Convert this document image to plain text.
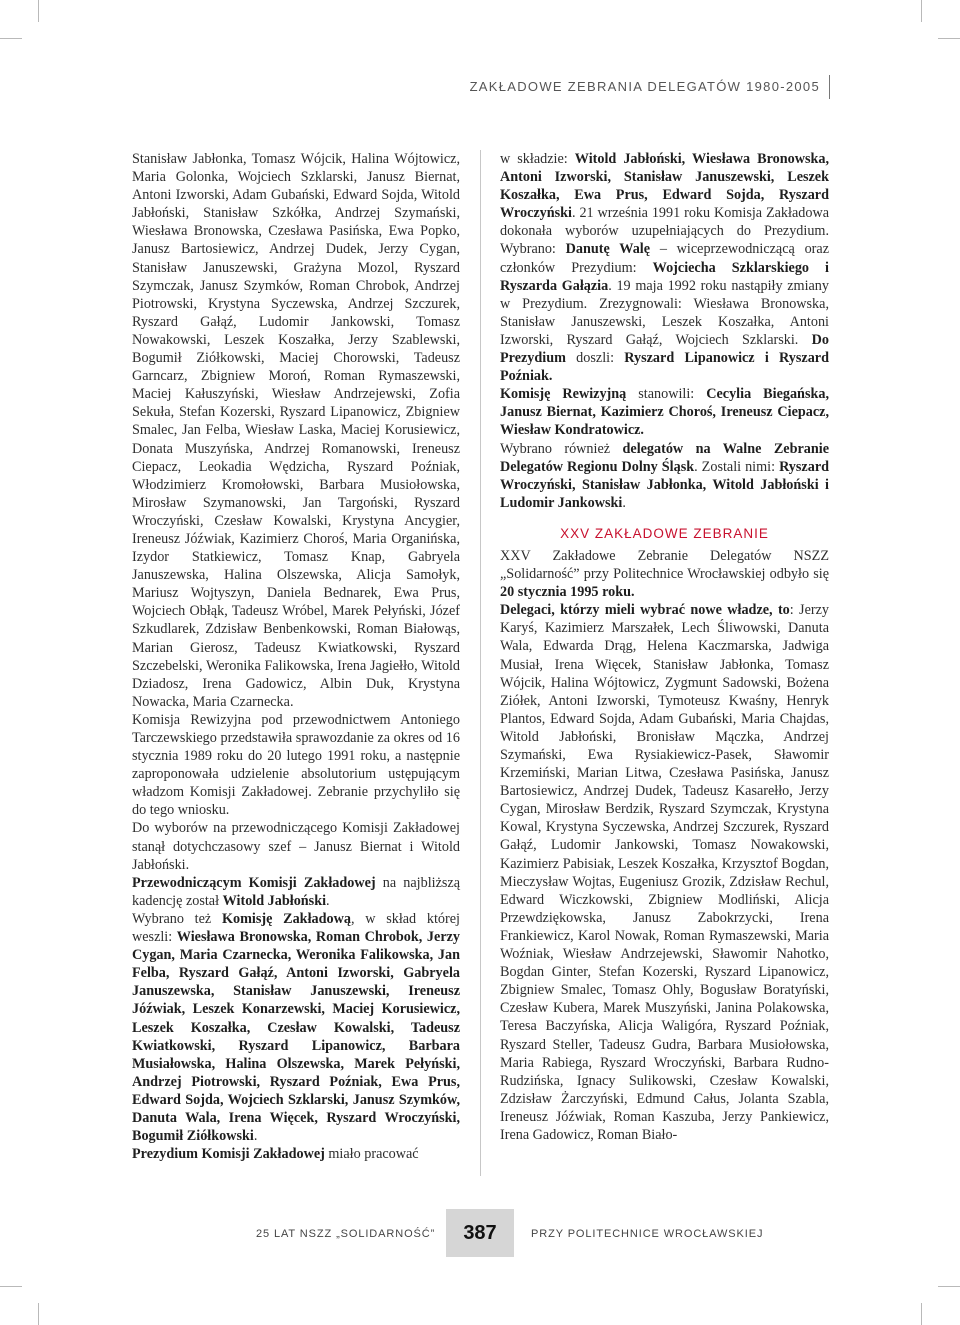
ZAKŁADOWE ZEBRANIA DELEGATÓW 1980-2005

Stanisław Jabłonka, Tomasz Wójcik, Halina Wójtowicz, Maria Golonka, Wojciech Szklarski, Janusz Biernat, Antoni Izworski, Adam Gubański, Edward Sojda, Witold Jabłoński, Stanisław Szkółka, Andrzej Szymański, Wiesława Bronowska, Czesława Pasińska, Ewa Popko, Janusz Bartosiewicz, Andrzej Dudek, Jerzy Cygan, Stanisław Januszewski, Grażyna Mozol, Ryszard Szymczak, Janusz Szymków, Roman Chrobok, Andrzej Piotrowski, Krystyna Syczewska, Andrzej Szczurek, Ryszard Gałąź, Ludomir Jankowski, Tomasz Nowakowski, Leszek Koszałka, Jerzy Szablewski, Bogumił Ziółkowski, Maciej Chorowski, Tadeusz Garncarz, Zbigniew Moroń, Roman Rymaszewski, Maciej Kałuszyński, Wiesław Andrzejewski, Zofia Sekuła, Stefan Kozerski, Ryszard Lipanowicz, Zbigniew Smalec, Jan Felba, Wiesław Laska, Maciej Korusiewicz, Donata Muszyńska, Andrzej Romanowski, Ireneusz Ciepacz, Leokadia Wędzicha, Ryszard Poźniak, Włodzimierz Kromołowski, Barbara Musiołowska, Mirosław Szymanowski, Jan Targoński, Ryszard Wroczyński, Czesław Kowalski, Krystyna Ancygier, Ireneusz Jóźwiak, Kazimierz Choroś, Maria Organińska, Izydor Statkiewicz, Tomasz Knap, Gabryela Januszewska, Halina Olszewska, Alicja Samołyk, Mariusz Wojtyszyn, Daniela Bednarek, Ewa Prus, Wojciech Obłąk, Tadeusz Wróbel, Marek Pełyński, Józef Szkudlarek, Zdzisław Benbenkowski, Roman Białowąs, Marian Gierosz, Tadeusz Kwiatkowski, Ryszard Szczebelski, Weronika Falikowska, Irena Jagiełło, Witold Dziadosz, Irena Gadowicz, Albin Duk, Krystyna Nowacka, Maria Czarnecka.

Komisja Rewizyjna pod przewodnictwem Antoniego Tarczewskiego przedstawiła sprawozdanie za okres od 16 stycznia 1989 roku do 20 lutego 1991 roku, a następnie zaproponowała udzielenie absolutorium ustępującym władzom Komisji Zakładowej. Zebranie przychyliło się do tego wniosku.

Do wyborów na przewodniczącego Komisji Zakładowej stanął dotychczasowy szef – Janusz Biernat i Witold Jabłoński.

Przewodniczącym Komisji Zakładowej na najbliższą kadencję został Witold Jabłoński.

Wybrano też Komisję Zakładową, w skład której weszli: Wiesława Bronowska, Roman Chrobok, Jerzy Cygan, Maria Czarnecka, Weronika Falikowska, Jan Felba, Ryszard Gałąź, Antoni Izworski, Gabryela Januszewska, Stanisław Januszewski, Ireneusz Jóźwiak, Leszek Konarzewski, Maciej Korusiewicz, Leszek Koszałka, Czesław Kowalski, Tadeusz Kwiatkowski, Ryszard Lipanowicz, Barbara Musiałowska, Halina Olszewska, Marek Pełyński, Andrzej Piotrowski, Ryszard Poźniak, Ewa Prus, Edward Sojda, Wojciech Szklarski, Janusz Szymków, Danuta Wala, Irena Więcek, Ryszard Wroczyński, Bogumił Ziółkowski.

Prezydium Komisji Zakładowej miało pracować

w składzie: Witold Jabłoński, Wiesława Bronowska, Antoni Izworski, Stanisław Januszewski, Leszek Koszałka, Ewa Prus, Edward Sojda, Ryszard Wroczyński. 21 września 1991 roku Komisja Zakładowa dokonała wyborów uzupełniających do Prezydium. Wybrano: Danutę Walę – wiceprzewodniczącą oraz członków Prezydium: Wojciecha Szklarskiego i Ryszarda Gałązia. 19 maja 1992 roku nastąpiły zmiany w Prezydium. Zrezygnowali: Wiesława Bronowska, Stanisław Januszewski, Leszek Koszałka, Antoni Izworski, Ryszard Gałąź, Wojciech Szklarski. Do Prezydium doszli: Ryszard Lipanowicz i Ryszard Poźniak.

Komisję Rewizyjną stanowili: Cecylia Biegańska, Janusz Biernat, Kazimierz Choroś, Ireneusz Ciepacz, Wiesław Kondratowicz.

Wybrano również delegatów na Walne Zebranie Delegatów Regionu Dolny Śląsk. Zostali nimi: Ryszard Wroczyński, Stanisław Jabłonka, Witold Jabłoński i Ludomir Jankowski.

XXV ZAKŁADOWE ZEBRANIE

XXV Zakładowe Zebranie Delegatów NSZZ „Solidarność” przy Politechnice Wrocławskiej odbyło się 20 stycznia 1995 roku.

Delegaci, którzy mieli wybrać nowe władze, to: Jerzy Karyś, Kazimierz Marszałek, Lech Śliwowski, Danuta Wala, Edwarda Drąg, Helena Kaczmarska, Jadwiga Musiał, Irena Więcek, Stanisław Jabłonka, Tomasz Wójcik, Halina Wójtowicz, Zygmunt Sadowski, Bożena Ziółek, Antoni Izworski, Tymoteusz Kwaśny, Henryk Plantos, Edward Sojda, Adam Gubański, Maria Chajdas, Witold Jabłoński, Bronisław Mączka, Andrzej Szymański, Ewa Rysiakiewicz-Pasek, Sławomir Krzemiński, Marian Litwa, Czesława Pasińska, Janusz Bartosiewicz, Andrzej Dudek, Tadeusz Kasarełło, Jerzy Cygan, Mirosław Berdzik, Ryszard Szymczak, Krystyna Kowal, Krystyna Syczewska, Andrzej Szczurek, Ryszard Gałąź, Ludomir Jankowski, Tomasz Nowakowski, Kazimierz Pabisiak, Leszek Koszałka, Krzysztof Bogdan, Mieczysław Wojtas, Eugeniusz Grozik, Zdzisław Rechul, Edward Wiczkowski, Zbigniew Modliński, Alicja Przewdziękowska, Janusz Zabokrzycki, Irena Frankiewicz, Karol Nowak, Roman Rymaszewski, Maria Woźniak, Wiesław Andrzejewski, Sławomir Nahotko, Bogdan Ginter, Stefan Kozerski, Ryszard Lipanowicz, Zbigniew Smalec, Tomasz Ohly, Bogusław Boratyński, Czesław Kubera, Marek Muszyński, Janina Polakowska, Teresa Baczyńska, Alicja Waligóra, Ryszard Poźniak, Ryszard Steller, Tadeusz Gudra, Barbara Musiołowska, Maria Rabiega, Ryszard Wroczyński, Barbara Rudno-Rudzińska, Ignacy Sulikowski, Czesław Kowalski, Zdzisław Żarczyński, Edmund Całus, Jolanta Szabla, Ireneusz Jóźwiak, Roman Kaszuba, Jerzy Pankiewicz, Irena Gadowicz, Roman Biało-

25 LAT NSZZ „SOLIDARNOŚĆ”	387	PRZY POLITECHNICE WROCŁAWSKIEJ
